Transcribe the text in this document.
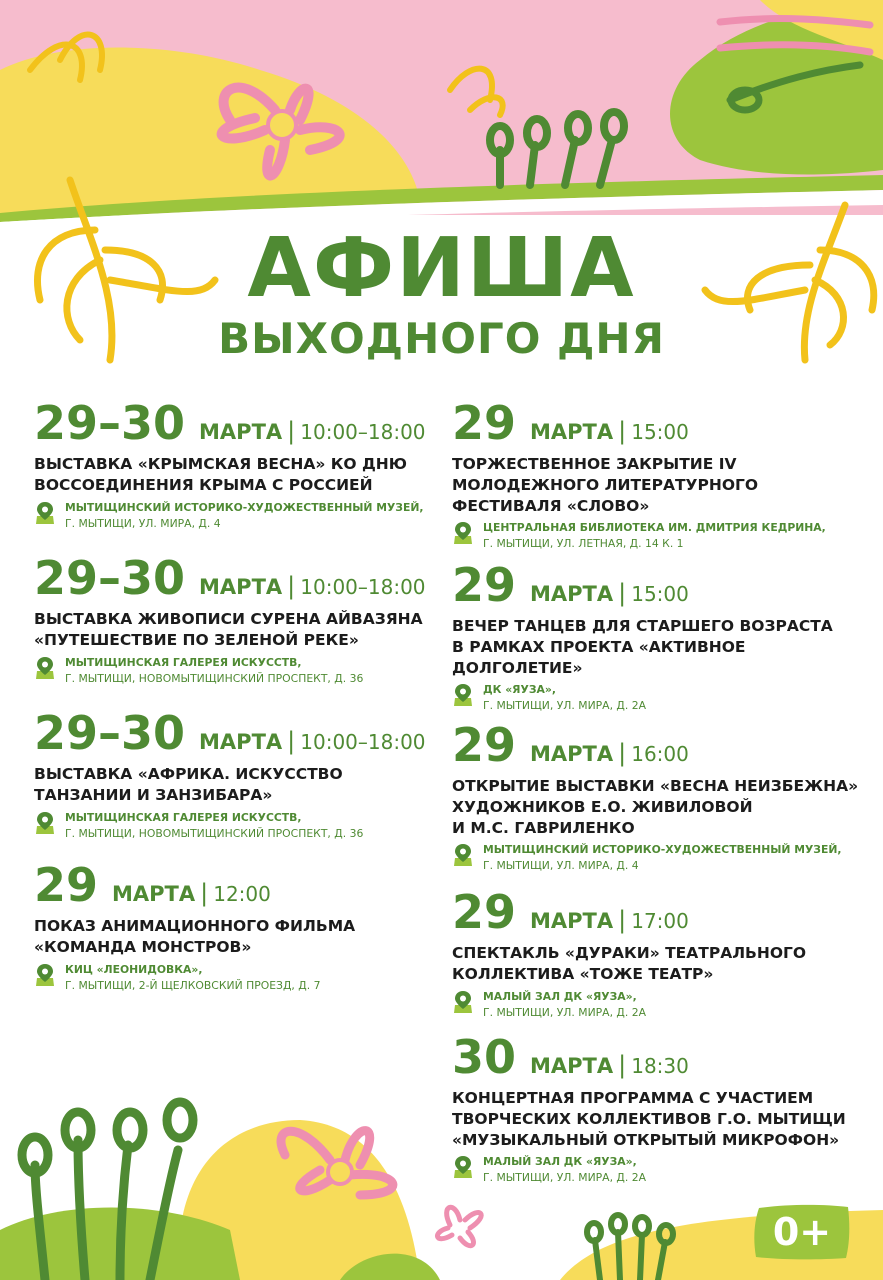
АФИША
ВЫХОДНОГО ДНЯ
29–30 МАРТА | 10:00–18:00
ВЫСТАВКА «КРЫМСКАЯ ВЕСНА» КО ДНЮ
ВОССОЕДИНЕНИЯ КРЫМА С РОССИЕЙ
МЫТИЩИНСКИЙ ИСТОРИКО-ХУДОЖЕСТВЕННЫЙ МУЗЕЙ,
Г. МЫТИЩИ, УЛ. МИРА, Д. 4
29–30 МАРТА | 10:00–18:00
ВЫСТАВКА ЖИВОПИСИ СУРЕНА АЙВАЗЯНА
«ПУТЕШЕСТВИЕ ПО ЗЕЛЕНОЙ РЕКЕ»
МЫТИЩИНСКАЯ ГАЛЕРЕЯ ИСКУССТВ,
Г. МЫТИЩИ, НОВОМЫТИЩИНСКИЙ ПРОСПЕКТ, Д. 36
29–30 МАРТА | 10:00–18:00
ВЫСТАВКА «АФРИКА. ИСКУССТВО
ТАНЗАНИИ И ЗАНЗИБАРА»
МЫТИЩИНСКАЯ ГАЛЕРЕЯ ИСКУССТВ,
Г. МЫТИЩИ, НОВОМЫТИЩИНСКИЙ ПРОСПЕКТ, Д. 36
29 МАРТА | 12:00
ПОКАЗ АНИМАЦИОННОГО ФИЛЬМА
«КОМАНДА МОНСТРОВ»
КИЦ «ЛЕОНИДОВКА»,
Г. МЫТИЩИ, 2-Й ЩЕЛКОВСКИЙ ПРОЕЗД, Д. 7
29 МАРТА | 15:00
ТОРЖЕСТВЕННОЕ ЗАКРЫТИЕ IV
МОЛОДЕЖНОГО ЛИТЕРАТУРНОГО
ФЕСТИВАЛЯ «СЛОВО»
ЦЕНТРАЛЬНАЯ БИБЛИОТЕКА ИМ. ДМИТРИЯ КЕДРИНА,
Г. МЫТИЩИ, УЛ. ЛЕТНАЯ, Д. 14 К. 1
29 МАРТА | 15:00
ВЕЧЕР ТАНЦЕВ ДЛЯ СТАРШЕГО ВОЗРАСТА
В РАМКАХ ПРОЕКТА «АКТИВНОЕ
ДОЛГОЛЕТИЕ»
ДК «ЯУЗА»,
Г. МЫТИЩИ, УЛ. МИРА, Д. 2А
29 МАРТА | 16:00
ОТКРЫТИЕ ВЫСТАВКИ «ВЕСНА НЕИЗБЕЖНА»
ХУДОЖНИКОВ Е.О. ЖИВИЛОВОЙ
И М.С. ГАВРИЛЕНКО
МЫТИЩИНСКИЙ ИСТОРИКО-ХУДОЖЕСТВЕННЫЙ МУЗЕЙ,
Г. МЫТИЩИ, УЛ. МИРА, Д. 4
29 МАРТА | 17:00
СПЕКТАКЛЬ «ДУРАКИ» ТЕАТРАЛЬНОГО
КОЛЛЕКТИВА «ТОЖЕ ТЕАТР»
МАЛЫЙ ЗАЛ ДК «ЯУЗА»,
Г. МЫТИЩИ, УЛ. МИРА, Д. 2А
30 МАРТА | 18:30
КОНЦЕРТНАЯ ПРОГРАММА С УЧАСТИЕМ
ТВОРЧЕСКИХ КОЛЛЕКТИВОВ Г.О. МЫТИЩИ
«МУЗЫКАЛЬНЫЙ ОТКРЫТЫЙ МИКРОФОН»
МАЛЫЙ ЗАЛ ДК «ЯУЗА»,
Г. МЫТИЩИ, УЛ. МИРА, Д. 2А
0+
